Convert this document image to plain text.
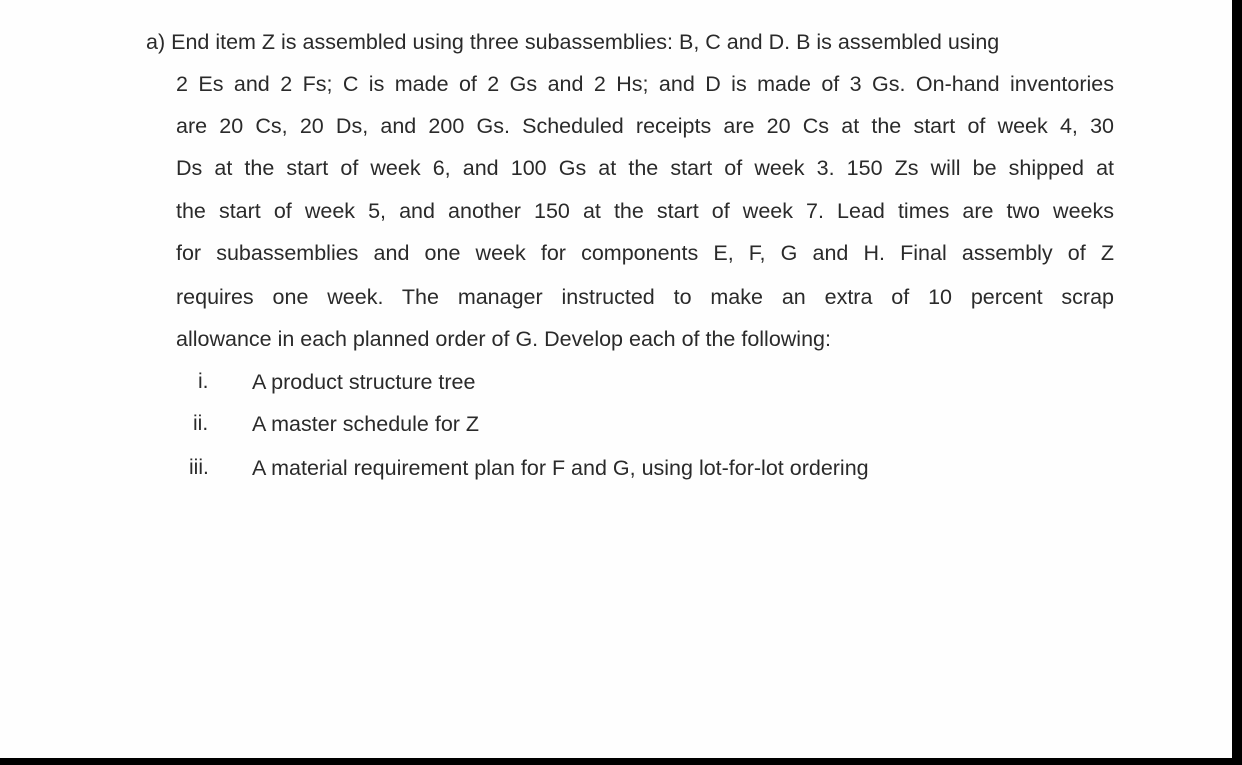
a) End item Z is assembled using three subassemblies: B, C and D. B is assembled using
2 Es and 2 Fs; C is made of 2 Gs and 2 Hs; and D is made of 3 Gs. On-hand inventories
are 20 Cs, 20 Ds, and 200 Gs. Scheduled receipts are 20 Cs at the start of week 4, 30
Ds at the start of week 6, and 100 Gs at the start of week 3. 150 Zs will be shipped at
the start of week 5, and another 150 at the start of week 7. Lead times are two weeks
for subassemblies and one week for components E, F, G and H. Final assembly of Z
requires one week. The manager instructed to make an extra of 10 percent scrap
allowance in each planned order of G. Develop each of the following:
i. A product structure tree
ii. A master schedule for Z
iii. A material requirement plan for F and G, using lot-for-lot ordering
